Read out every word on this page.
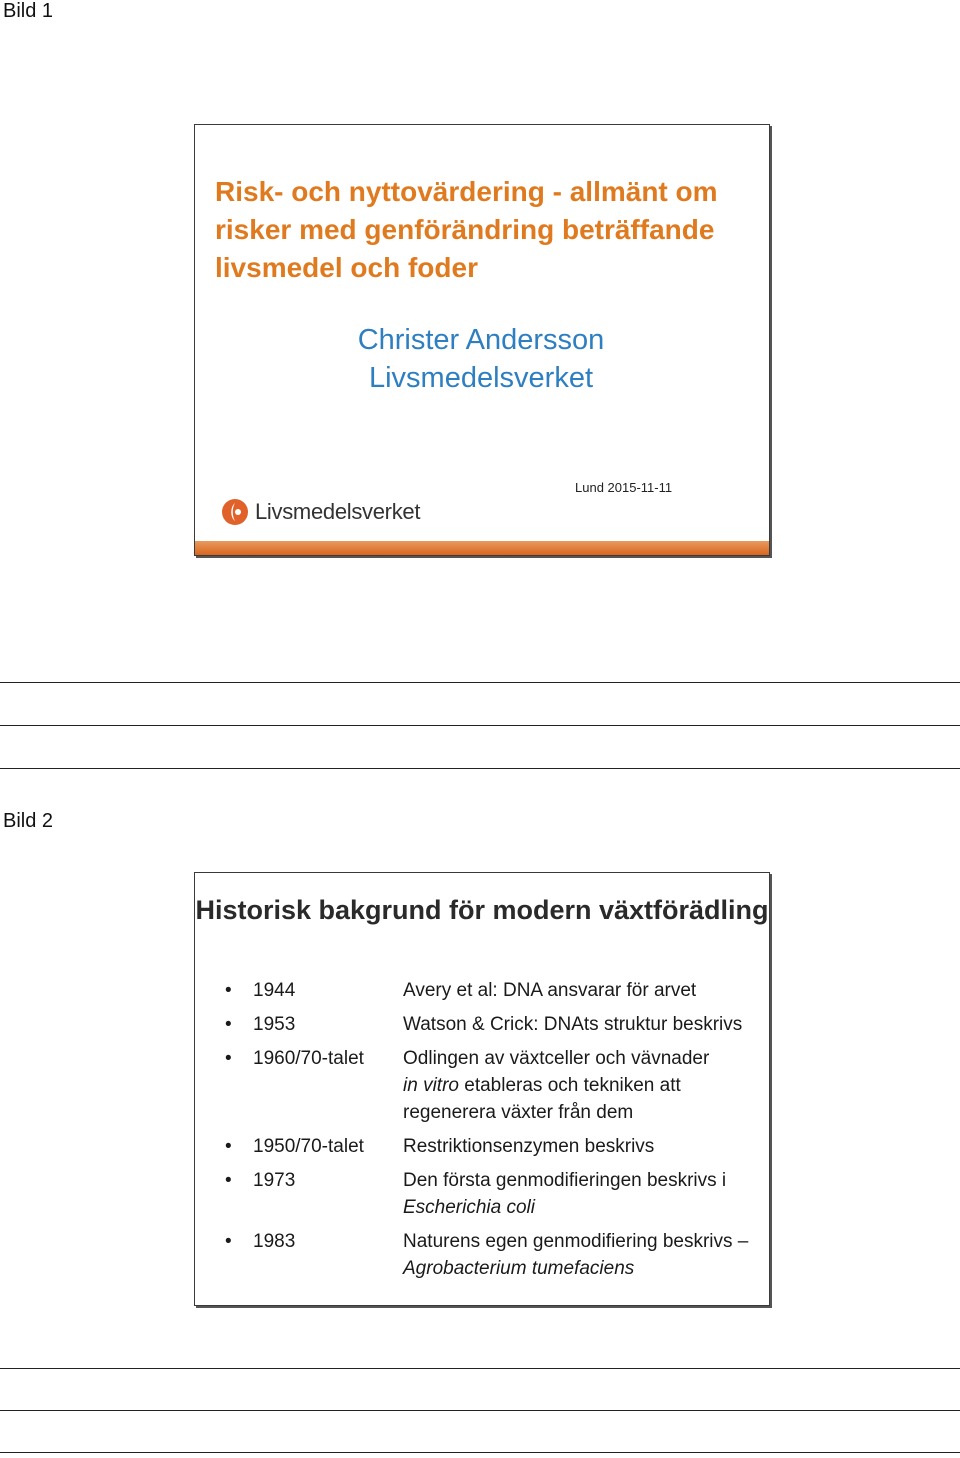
Bild 1
Risk- och nyttovärdering - allmänt om risker med genförändring beträffande livsmedel och foder
Christer Andersson
Livsmedelsverket
Lund 2015-11-11
Livsmedelsverket
Bild 2
Historisk bakgrund för modern växtförädling
• 1944	Avery et al: DNA ansvarar för arvet
• 1953	Watson & Crick: DNAts struktur beskrivs
• 1960/70-talet Odlingen av växtceller och vävnader
in vitro etableras och tekniken att regenerera växter från dem
• 1950/70-talet Restriktionsenzymen beskrivs
• 1973	Den första genmodifieringen beskrivs i Escherichia coli
• 1983	Naturens egen genmodifiering beskrivs – Agrobacterium tumefaciens
